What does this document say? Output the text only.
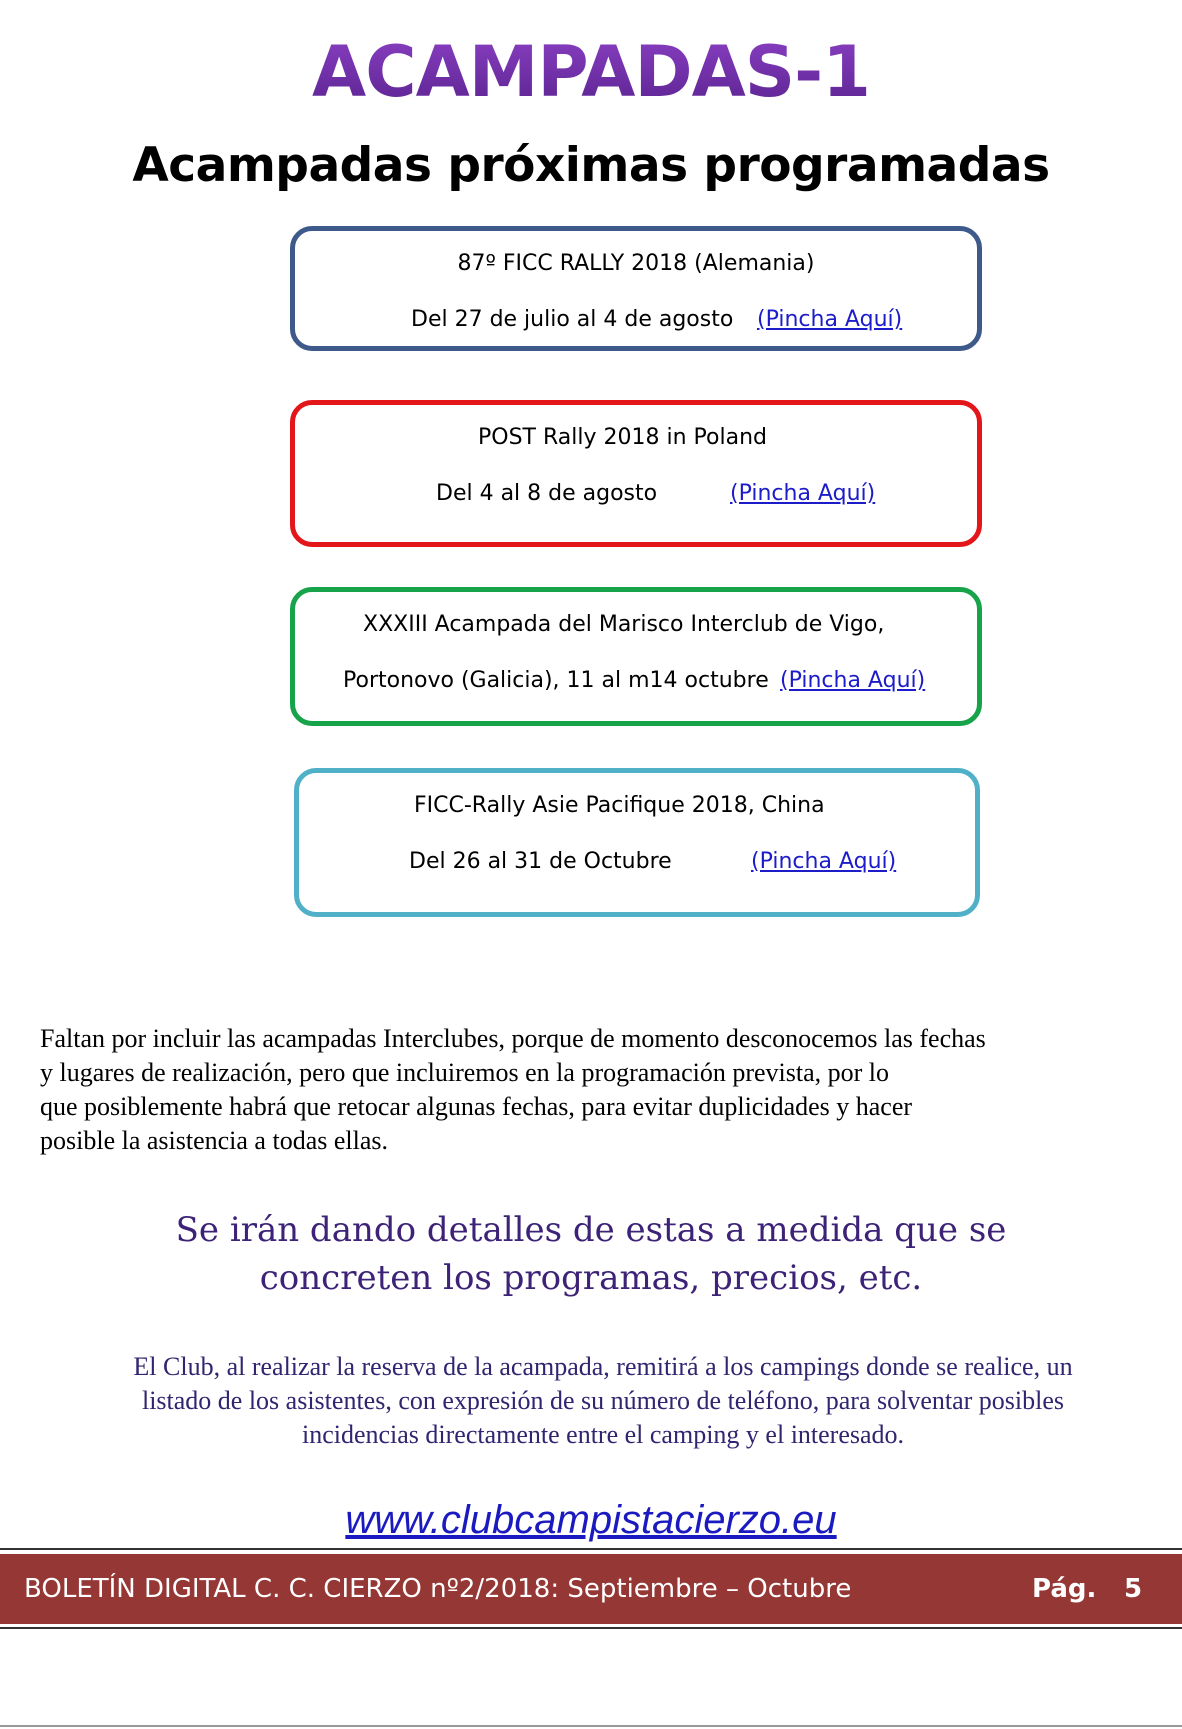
ACAMPADAS-1
Acampadas próximas programadas
87º FICC RALLY 2018 (Alemania)
Del 27 de julio al 4 de agosto (Pincha Aquí)
POST Rally 2018 in Poland
Del 4 al 8 de agosto	(Pincha Aquí)
XXXIII Acampada del Marisco Interclub de Vigo,
Portonovo (Galicia), 11 al m14 octubre (Pincha Aquí)
FICC-Rally Asie Pacifique 2018, China
Del 26 al 31 de Octubre	(Pincha Aquí)

Faltan por incluir las acampadas Interclubes, porque de momento desconocemos las fechas
y lugares de realización, pero que incluiremos en la programación prevista, por lo
que posiblemente habrá que retocar algunas fechas, para evitar duplicidades y hacer
posible la asistencia a todas ellas.

Se irán dando detalles de estas a medida que se
concreten los programas, precios, etc.

El Club, al realizar la reserva de la acampada, remitirá a los campings donde se realice, un
listado de los asistentes, con expresión de su número de teléfono, para solventar posibles
incidencias directamente entre el camping y el interesado.

www.clubcampistacierzo.eu
BOLETÍN DIGITAL C. C. CIERZO nº2/2018: Septiembre – Octubre	Pág. 5
